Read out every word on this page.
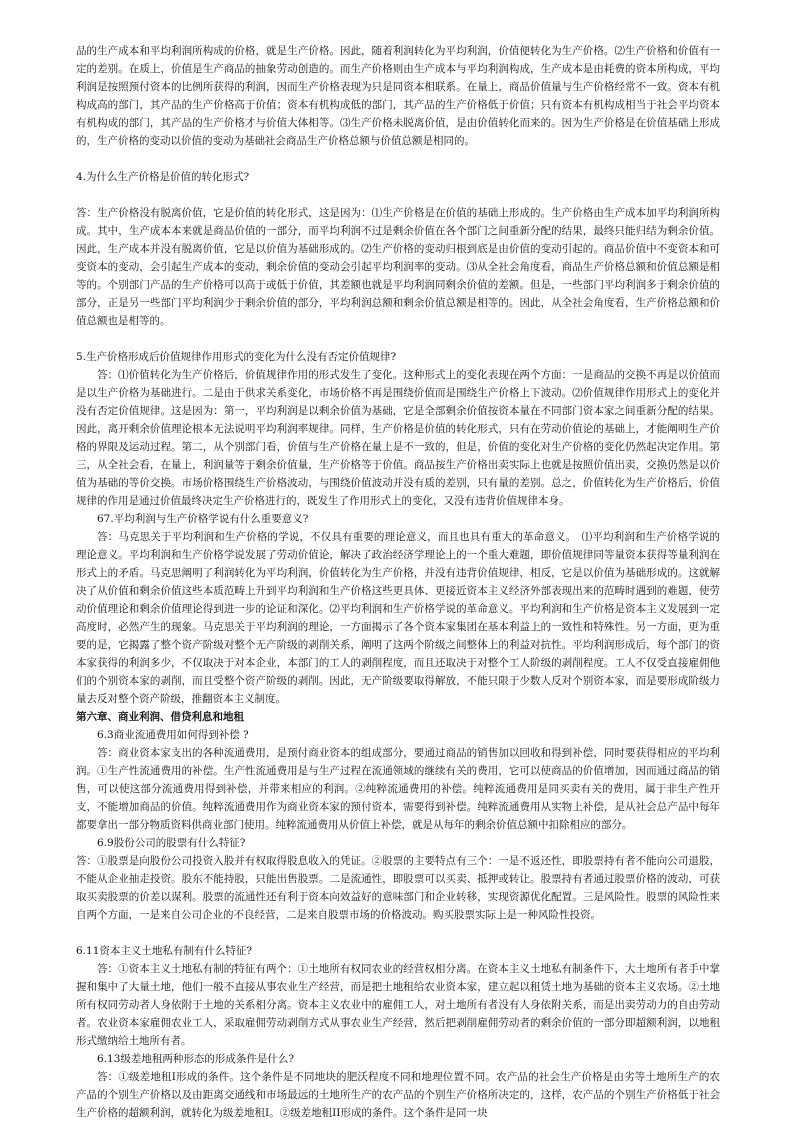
品的生产成本和平均利润所构成的价格，就是生产价格。因此，随着利润转化为平均利润，价值便转化为生产价格。⑵生产价格和价值有一定的差别。在质上，价值是生产商品的抽象劳动创造的。而生产价格则由生产成本与平均利润构成，生产成本是由耗费的资本所构成，平均利润是按照预付资本的比例所获得的利润，因而生产价格表现为只是同资本相联系。在量上，商品价值量与生产价格经常不一致。资本有机构成高的部门，其产品的生产价格高于价值；资本有机构成低的部门，其产品的生产价格低于价值；只有资本有机构成相当于社会平均资本有机构成的部门，其产品的生产价格才与价值大体相等。⑶生产价格未脱离价值，是由价值转化而来的。因为生产价格是在价值基础上形成的，生产价格的变动以价值的变动为基础社会商品生产价格总额与价值总额是相同的。

4.为什么生产价格是价值的转化形式?

答：生产价格没有脱离价值，它是价值的转化形式，这是因为：⑴生产价格是在价值的基础上形成的。生产价格由生产成本加平均利润所构成。其中，生产成本本来就是商品价值的一部分，而平均利润不过是剩余价值在各个部门之间重新分配的结果，最终只能归结为剩余价值。因此，生产成本并没有脱离价值，它是以价值为基础形成的。⑵生产价格的变动归根到底是由价值的变动引起的。商品价值中不变资本和可变资本的变动，会引起生产成本的变动，剩余价值的变动会引起平均利润率的变动。⑶从全社会角度看，商品生产价格总额和价值总额是相等的。个别部门产品的生产价格可以高于或低于价值，其差额也就是平均利润同剩余价值的差额。但是，一些部门平均利润多于剩余价值的部分，正是另一些部门平均利润少于剩余价值的部分，平均利润总额和剩余价值总额是相等的。因此，从全社会角度看，生产价格总额和价值总额也是相等的。

5.生产价格形成后价值规律作用形式的变化为什么没有否定价值规律?

答：⑴价值转化为生产价格后，价值规律作用的形式发生了变化。这种形式上的变化表现在两个方面：一是商品的交换不再是以价值而是以生产价格为基础进行。二是由于供求关系变化，市场价格不再是围绕价值而是围绕生产价格上下波动。⑵价值规律作用形式上的变化并没有否定价值规律。这是因为：第一，平均利润是以剩余价值为基础，它是全部剩余价值按资本量在不同部门资本家之间重新分配的结果。因此，离开剩余价值理论根本无法说明平均利润率规律。同样，生产价格是价值的转化形式，只有在劳动价值论的基础上，才能阐明生产价格的界限及运动过程。第二，从个别部门看，价值与生产价格在量上是不一致的，但是，价值的变化对生产价格的变化仍然起决定作用。第三，从全社会看，在量上，利润量等于剩余价值量，生产价格等于价值。商品按生产价格出卖实际上也就是按照价值出卖，交换仍然是以价值为基础的等价交换。市场价格围绕生产价格波动，与围绕价值波动并没有质的差别，只有量的差别。总之，价值转化为生产价格后，价值规律的作用是通过价值最终决定生产价格进行的，既发生了作用形式上的变化，又没有违背价值规律本身。

67.平均利润与生产价格学说有什么重要意义?

答：马克思关于平均利润和生产价格的学说，不仅具有重要的理论意义，而且也具有重大的革命意义。　⑴平均利润和生产价格学说的理论意义。平均利润和生产价格学说发展了劳动价值论，解决了政治经济学理论上的一个重大难题，即价值规律同等量资本获得等量利润在形式上的矛盾。马克思阐明了利润转化为平均利润，价值转化为生产价格，并没有违背价值规律，相反，它是以价值为基础形成的。这就解决了从价值和剩余价值这些本质范畴上升到平均利润和生产价格这些更具体、更接近资本主义经济外部表现出来的范畴时遇到的难题，使劳动价值理论和剩余价值理论得到进一步的论证和深化。⑵平均利润和生产价格学说的革命意义。平均利润和生产价格是资本主义发展到一定高度时，必然产生的现象。马克思关于平均利润的理论，一方面揭示了各个资本家集团在基本利益上的一致性和特殊性。另一方面，更为重要的是，它揭露了整个资产阶级对整个无产阶级的剥削关系，阐明了这两个阶级之间整体上的利益对抗性。平均利润形成后，每个部门的资本家获得的利润多少，不仅取决于对本企业，本部门的工人的剥削程度，而且还取决于对整个工人阶级的剥削程度。工人不仅受直接雇佣他们的个别资本家的剥削，而且受整个资产阶级的剥削。因此，无产阶级要取得解放，不能只限于少数人反对个别资本家，而是要形成阶级力量去反对整个资产阶级，推翻资本主义制度。

第六章、商业利润、借贷利息和地租

6.3商业流通费用如何得到补偿 ?

答：商业资本家支出的各种流通费用，是预付商业资本的组成部分，要通过商品的销售加以回收和得到补偿，同时要获得相应的平均利润。①生产性流通费用的补偿。生产性流通费用是与生产过程在流通领域的继续有关的费用，它可以使商品的价值增加，因而通过商品的销售，可以使这部分流通费用得到补偿，并带来相应的利润。②纯粹流通费用的补偿。纯粹流通费用是同买卖有关的费用，属于非生产性开支，不能增加商品的价值。纯粹流通费用作为商业资本家的预付资本，需要得到补偿。纯粹流通费用从实物上补偿，是从社会总产品中每年都要拿出一部分物质资料供商业部门使用。纯粹流通费用从价值上补偿，就是从每年的剩余价值总额中扣除相应的部分。

6.9股份公司的股票有什么特征?

答：①股票是向股份公司投资入股并有权取得股息收入的凭证。②股票的主要特点有三个：一是不返还性，即股票持有者不能向公司退股，不能从企业抽走投资。股东不能持股，只能出售股票。二是流通性，即股票可以买卖、抵押或转让。股票持有者通过股票价格的波动，可获取买卖股票的价差以谋利。股票的流通性还有利于资本向效益好的意味部门和企业转移，实现资源优化配置。三是风险性。股票的风险性来自两个方面，一是来自公司企业的不良经营，二是来自股票市场的价格波动。购买股票实际上是一种风险性投资。

6.11资本主义土地私有制有什么特征?

答：①资本主义土地私有制的特征有两个：①土地所有权同农业的经营权相分离。在资本主义土地私有制条件下，大土地所有者手中掌握和集中了大量土地，他们一般不直接从事农业生产经营，而是把土地租给农业资本家，建立起以租赁土地为基础的资本主义农场。②土地所有权同劳动者人身依附于土地的关系相分离。资本主义农业中的雇佣工人，对土地所有者没有人身依附关系，而是出卖劳动力的自由劳动者。农业资本家雇佣农业工人，采取雇佣劳动剥削方式从事农业生产经营，然后把剥削雇佣劳动者的剩余价值的一部分即超额利润，以地租形式缴纳给土地所有者。

6.13级差地租两种形态的形成条件是什么?

答：①级差地租I形成的条件。这个条件是不同地块的肥沃程度不同和地理位置不同。农产品的社会生产价格是由劣等土地所生产的农产品的个别生产价格以及由距离交通线和市场最远的土地所生产的农产品的个别生产价格所决定的，这样，农产品的个别生产价格低于社会生产价格的超额利润，就转化为级差地租I。②级差地租II形成的条件。这个条件是同一块
